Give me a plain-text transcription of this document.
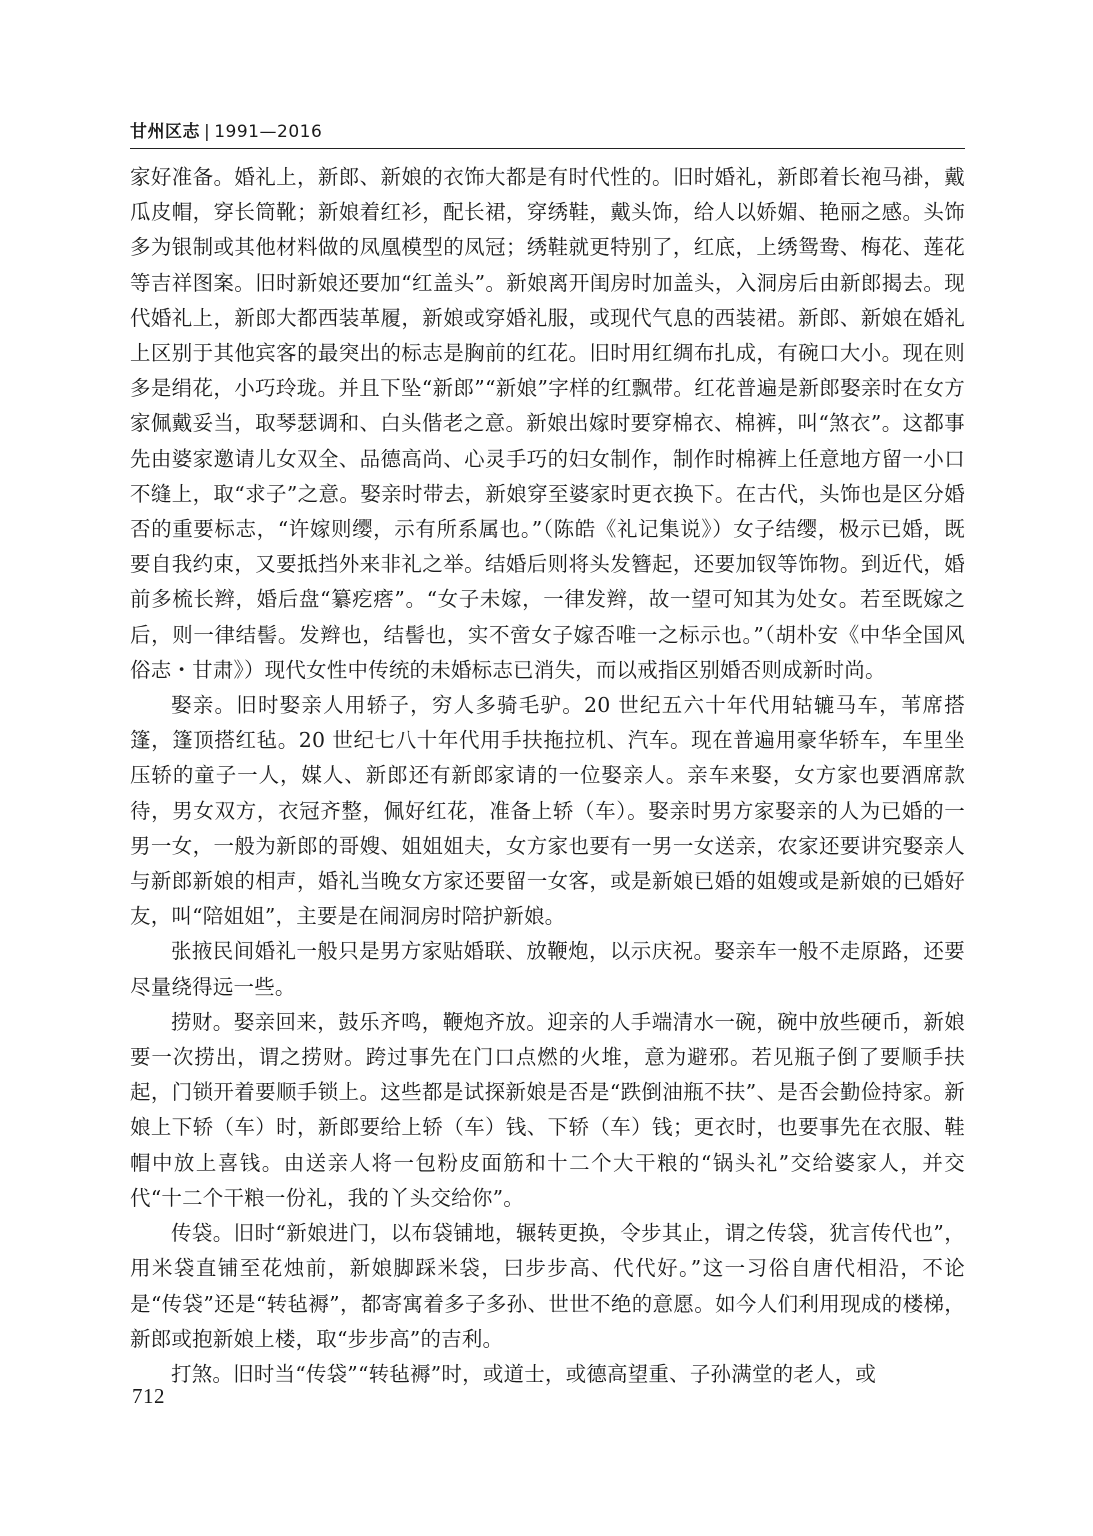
甘州区志 | 1991—2016

家好准备。婚礼上，新郎、新娘的衣饰大都是有时代性的。旧时婚礼，新郎着长袍马褂，戴瓜皮帽，穿长筒靴；新娘着红衫，配长裙，穿绣鞋，戴头饰，给人以娇媚、艳丽之感。头饰多为银制或其他材料做的凤凰模型的凤冠；绣鞋就更特别了，红底，上绣鸳鸯、梅花、莲花等吉祥图案。旧时新娘还要加“红盖头”。新娘离开闺房时加盖头，入洞房后由新郎揭去。现代婚礼上，新郎大都西装革履，新娘或穿婚礼服，或现代气息的西装裙。新郎、新娘在婚礼上区别于其他宾客的最突出的标志是胸前的红花。旧时用红绸布扎成，有碗口大小。现在则多是绢花，小巧玲珑。并且下坠“新郎”“新娘”字样的红飘带。红花普遍是新郎娶亲时在女方家佩戴妥当，取琴瑟调和、白头偕老之意。新娘出嫁时要穿棉衣、棉裤，叫“煞衣”。这都事先由婆家邀请儿女双全、品德高尚、心灵手巧的妇女制作，制作时棉裤上任意地方留一小口不缝上，取“求子”之意。娶亲时带去，新娘穿至婆家时更衣换下。在古代，头饰也是区分婚否的重要标志，“许嫁则缨，示有所系属也。”（陈皓《礼记集说》）女子结缨，极示已婚，既要自我约束，又要抵挡外来非礼之举。结婚后则将头发簪起，还要加钗等饰物。到近代，婚前多梳长辫，婚后盘“纂疙瘩”。“女子未嫁，一律发辫，故一望可知其为处女。若至既嫁之后，则一律结髻。发辫也，结髻也，实不啻女子嫁否唯一之标示也。”（胡朴安《中华全国风俗志・甘肃》）现代女性中传统的未婚标志已消失，而以戒指区别婚否则成新时尚。

娶亲。旧时娶亲人用轿子，穷人多骑毛驴。20 世纪五六十年代用轱辘马车，苇席搭篷，篷顶搭红毡。20 世纪七八十年代用手扶拖拉机、汽车。现在普遍用豪华轿车，车里坐压轿的童子一人，媒人、新郎还有新郎家请的一位娶亲人。亲车来娶，女方家也要酒席款待，男女双方，衣冠齐整，佩好红花，准备上轿（车）。娶亲时男方家娶亲的人为已婚的一男一女，一般为新郎的哥嫂、姐姐姐夫，女方家也要有一男一女送亲，农家还要讲究娶亲人与新郎新娘的相声，婚礼当晚女方家还要留一女客，或是新娘已婚的姐嫂或是新娘的已婚好友，叫“陪姐姐”，主要是在闹洞房时陪护新娘。

张掖民间婚礼一般只是男方家贴婚联、放鞭炮，以示庆祝。娶亲车一般不走原路，还要尽量绕得远一些。

捞财。娶亲回来，鼓乐齐鸣，鞭炮齐放。迎亲的人手端清水一碗，碗中放些硬币，新娘要一次捞出，谓之捞财。跨过事先在门口点燃的火堆，意为避邪。若见瓶子倒了要顺手扶起，门锁开着要顺手锁上。这些都是试探新娘是否是“跌倒油瓶不扶”、是否会勤俭持家。新娘上下轿（车）时，新郎要给上轿（车）钱、下轿（车）钱；更衣时，也要事先在衣服、鞋帽中放上喜钱。由送亲人将一包粉皮面筋和十二个大干粮的“锅头礼”交给婆家人，并交代“十二个干粮一份礼，我的丫头交给你”。

传袋。旧时“新娘进门，以布袋铺地，辗转更换，令步其止，谓之传袋，犹言传代也”，用米袋直铺至花烛前，新娘脚踩米袋，曰步步高、代代好。”这一习俗自唐代相沿，不论是“传袋”还是“转毡褥”，都寄寓着多子多孙、世世不绝的意愿。如今人们利用现成的楼梯，新郎或抱新娘上楼，取“步步高”的吉利。

打煞。旧时当“传袋”“转毡褥”时，或道士，或德高望重、子孙满堂的老人，或

712
